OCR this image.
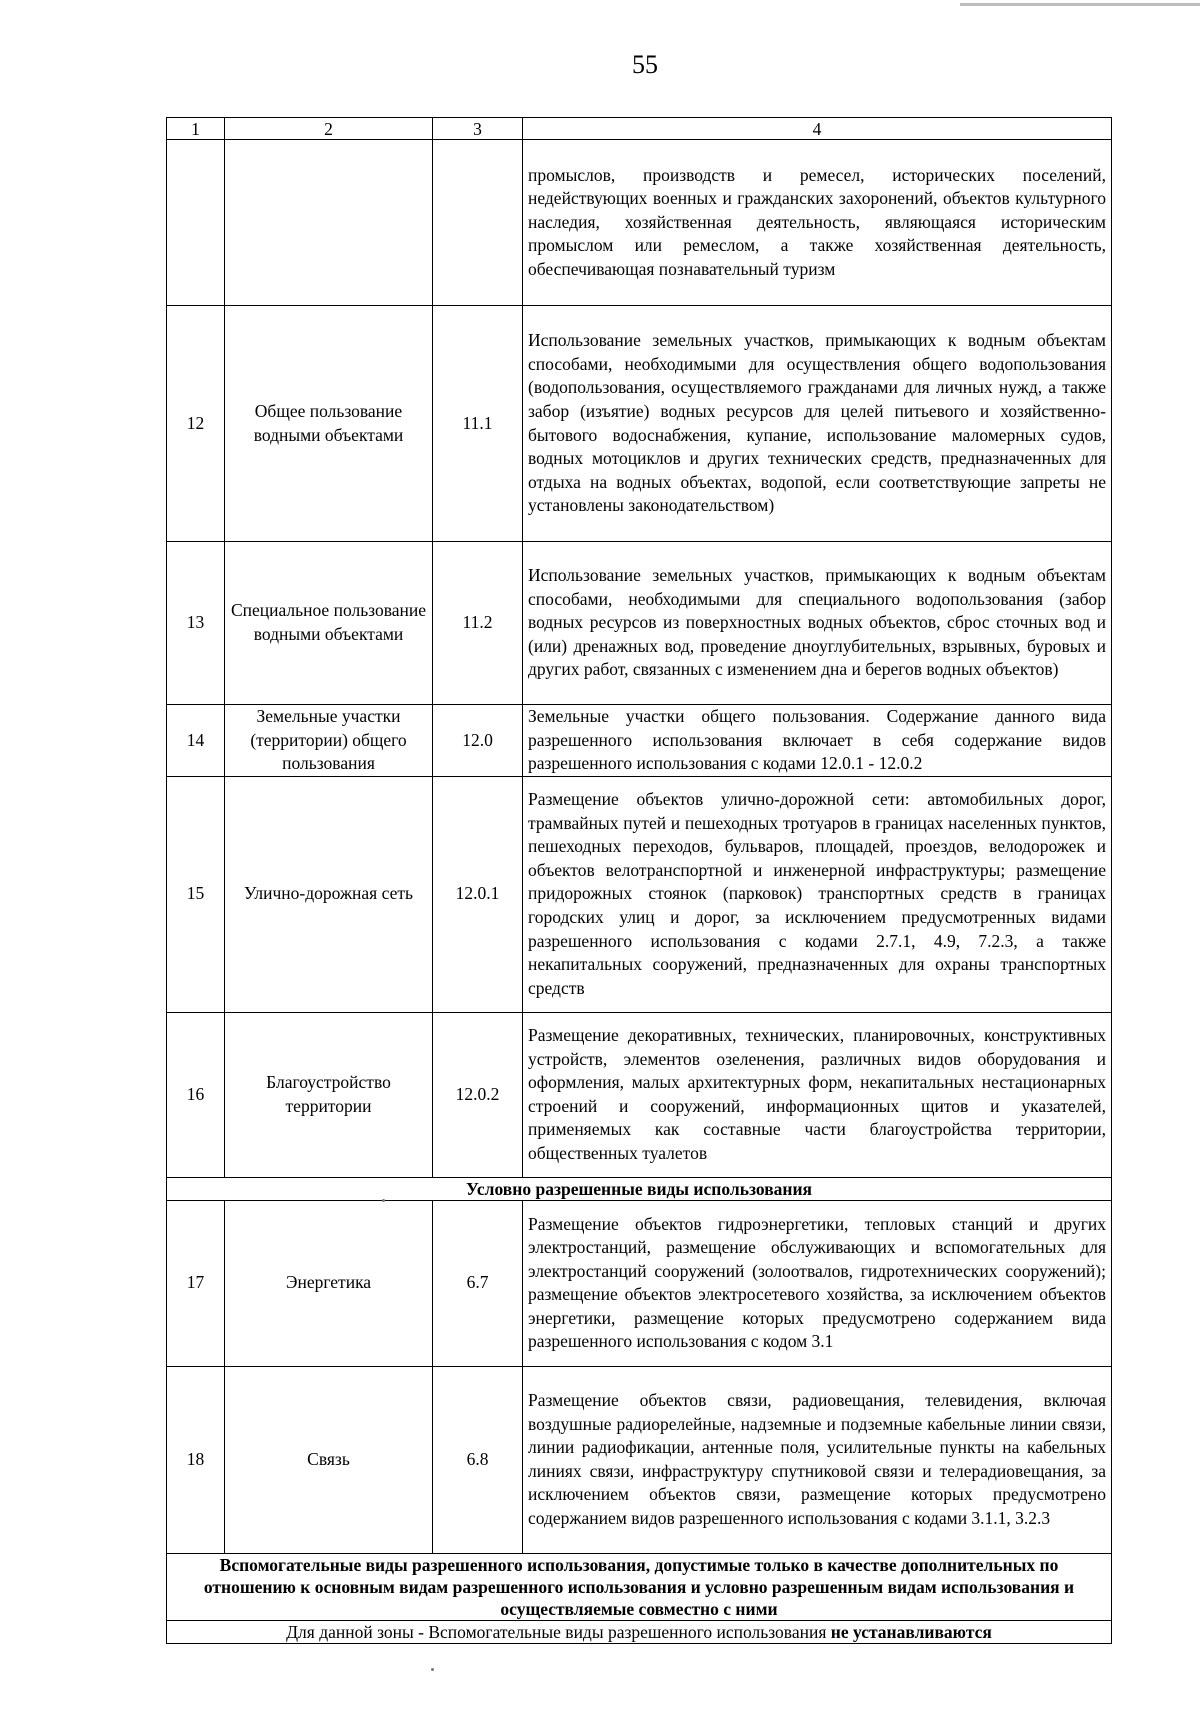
55
1	2	3	4
			промыслов, производств и ремесел, исторических поселений, недействующих военных и гражданских захоронений, объектов культурного наследия, хозяйственная деятельность, являющаяся историческим промыслом или ремеслом, а также хозяйственная деятельность, обеспечивающая познавательный туризм
12	Общее пользование водными объектами	11.1	Использование земельных участков, примыкающих к водным объектам способами, необходимыми для осуществления общего водопользования (водопользования, осуществляемого гражданами для личных нужд, а также забор (изъятие) водных ресурсов для целей питьевого и хозяйственно-бытового водоснабжения, купание, использование маломерных судов, водных мотоциклов и других технических средств, предназначенных для отдыха на водных объектах, водопой, если соответствующие запреты не установлены законодательством)
13	Специальное пользование водными объектами	11.2	Использование земельных участков, примыкающих к водным объектам способами, необходимыми для специального водопользования (забор водных ресурсов из поверхностных водных объектов, сброс сточных вод и (или) дренажных вод, проведение дноуглубительных, взрывных, буровых и других работ, связанных с изменением дна и берегов водных объектов)
14	Земельные участки (территории) общего пользования	12.0	Земельные участки общего пользования. Содержание данного вида разрешенного использования включает в себя содержание видов разрешенного использования с кодами 12.0.1 - 12.0.2
15	Улично-дорожная сеть	12.0.1	Размещение объектов улично-дорожной сети: автомобильных дорог, трамвайных путей и пешеходных тротуаров в границах населенных пунктов, пешеходных переходов, бульваров, площадей, проездов, велодорожек и объектов велотранспортной и инженерной инфраструктуры; размещение придорожных стоянок (парковок) транспортных средств в границах городских улиц и дорог, за исключением предусмотренных видами разрешенного использования с кодами 2.7.1, 4.9, 7.2.3, а также некапитальных сооружений, предназначенных для охраны транспортных средств
16	Благоустройство территории	12.0.2	Размещение декоративных, технических, планировочных, конструктивных устройств, элементов озеленения, различных видов оборудования и оформления, малых архитектурных форм, некапитальных нестационарных строений и сооружений, информационных щитов и указателей, применяемых как составные части благоустройства территории, общественных туалетов
Условно разрешенные виды использования			
17	Энергетика	6.7	Размещение объектов гидроэнергетики, тепловых станций и других электростанций, размещение обслуживающих и вспомогательных для электростанций сооружений (золоотвалов, гидротехнических сооружений); размещение объектов электросетевого хозяйства, за исключением объектов энергетики, размещение которых предусмотрено содержанием вида разрешенного использования с кодом 3.1
18	Связь	6.8	Размещение объектов связи, радиовещания, телевидения, включая воздушные радиорелейные, надземные и подземные кабельные линии связи, линии радиофикации, антенные поля, усилительные пункты на кабельных линиях связи, инфраструктуру спутниковой связи и телерадиовещания, за исключением объектов связи, размещение которых предусмотрено содержанием видов разрешенного использования с кодами 3.1.1, 3.2.3
Вспомогательные виды разрешенного использования, допустимые только в качестве дополнительных по отношению к основным видам разрешенного использования и условно разрешенным видам использования и осуществляемые совместно с ними			
Для данной зоны - Вспомогательные виды разрешенного использования не устанавливаются			
